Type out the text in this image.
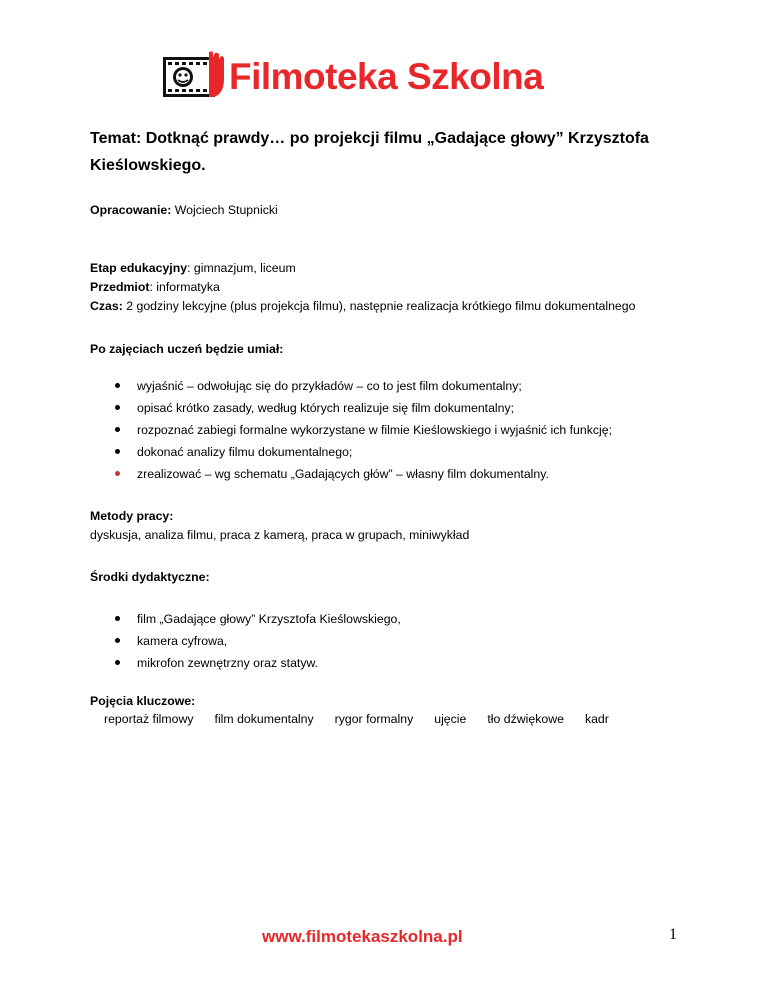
Filmoteka Szkolna
Temat: Dotknąć prawdy… po projekcji filmu „Gadające głowy” Krzysztofa Kieślowskiego.
Opracowanie: Wojciech Stupnicki
Etap edukacyjny: gimnazjum, liceum
Przedmiot: informatyka
Czas: 2 godziny lekcyjne (plus projekcja filmu), następnie realizacja krótkiego filmu dokumentalnego
Po zajęciach uczeń będzie umiał:
wyjaśnić – odwołując się do przykładów – co to jest film dokumentalny;
opisać krótko zasady, według których realizuje się film dokumentalny;
rozpoznać zabiegi formalne wykorzystane w filmie Kieślowskiego i wyjaśnić ich funkcję;
dokonać analizy filmu dokumentalnego;
zrealizować – wg schematu „Gadających głów” – własny film dokumentalny.
Metody pracy:
dyskusja, analiza filmu, praca z kamerą, praca w grupach, miniwykład
Środki dydaktyczne:
film „Gadające głowy” Krzysztofa Kieślowskiego,
kamera cyfrowa,
mikrofon zewnętrzny oraz statyw.
Pojęcia kluczowe:
reportaż filmowy film dokumentalny rygor formalny ujęcie tło dźwiękowe kadr
www.filmotekaszkolna.pl	1
